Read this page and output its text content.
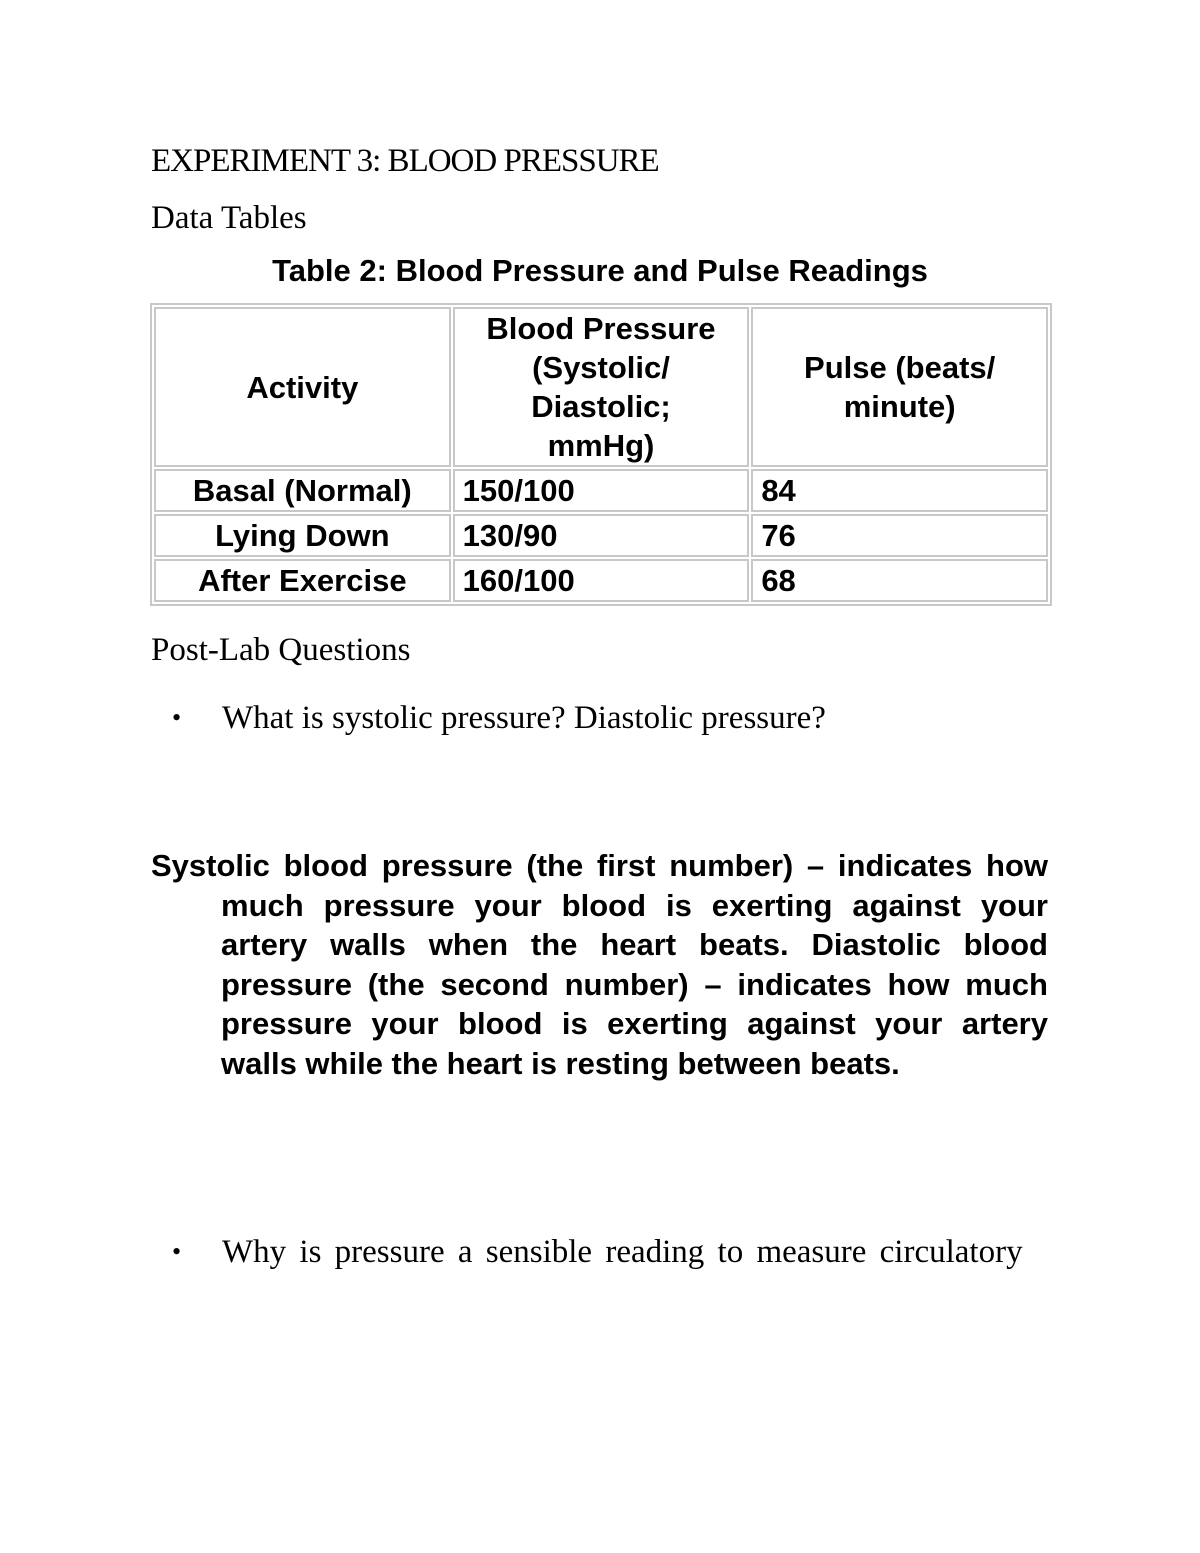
EXPERIMENT 3: BLOOD PRESSURE
Data Tables
Table 2: Blood Pressure and Pulse Readings
Activity	Blood Pressure (Systolic/ Diastolic; mmHg)	Pulse (beats/ minute)
Basal (Normal)	150/100	84
Lying Down	130/90	76
After Exercise	160/100	68
Post-Lab Questions
• What is systolic pressure? Diastolic pressure?
Systolic blood pressure (the first number) – indicates how much pressure your blood is exerting against your artery walls when the heart beats. Diastolic blood pressure (the second number) – indicates how much pressure your blood is exerting against your artery walls while the heart is resting between beats.
• Why is pressure a sensible reading to measure circulatory
